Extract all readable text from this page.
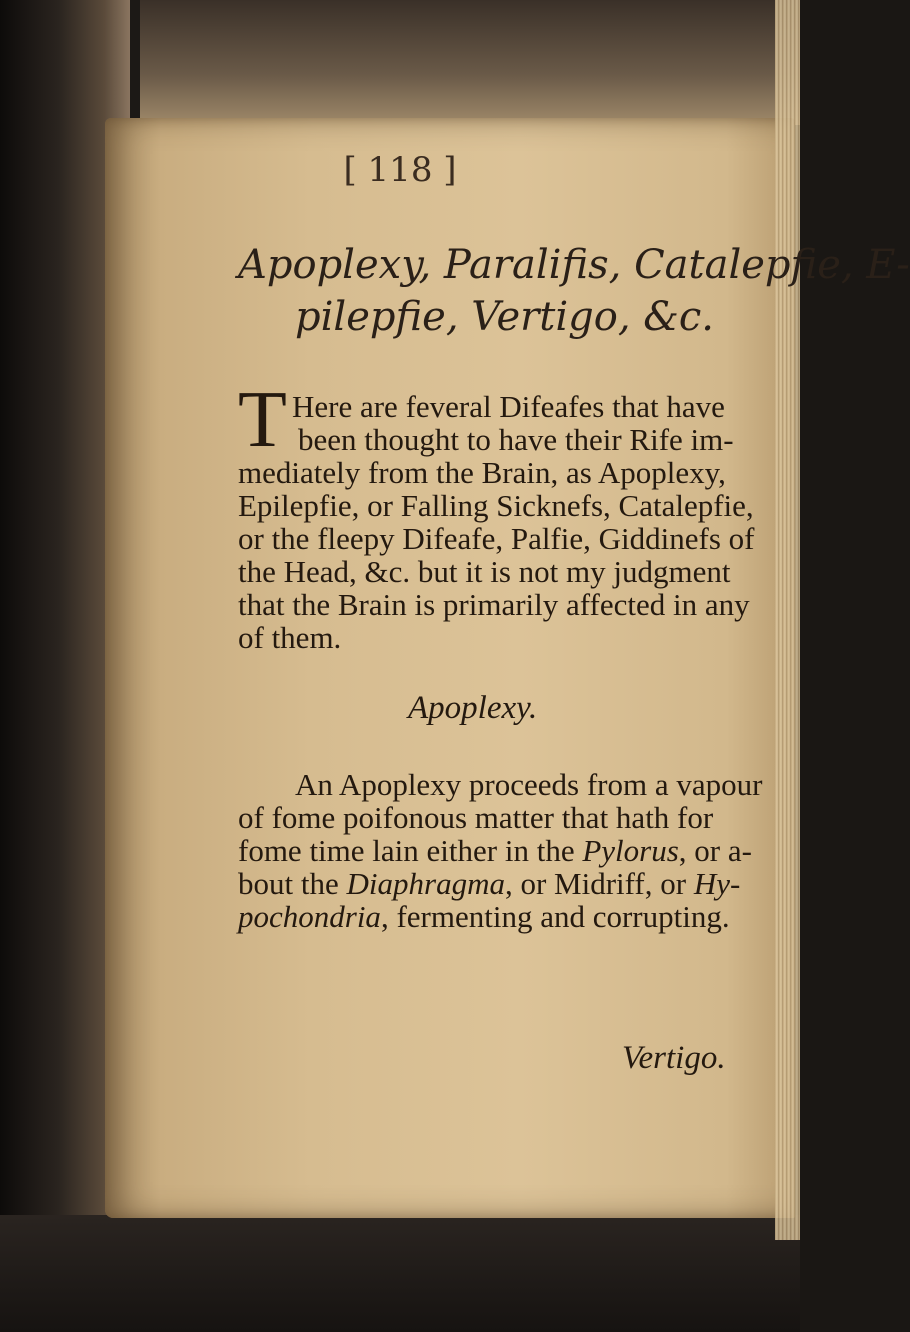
[ 118 ]

Apoplexy, Paralifis, Catalepfie, E-

pilepfie, Vertigo, &c.

T Here are feveral Difeafes that have

been thought to have their Rife im-

mediately from the Brain, as Apoplexy,

Epilepfie, or Falling Sicknefs, Catalepfie,

or the fleepy Difeafe, Palfie, Giddinefs of

the Head, &c. but it is not my judgment

that the Brain is primarily affected in any

of them.

Apoplexy.

An Apoplexy proceeds from a vapour

of fome poifonous matter that hath for

fome time lain either in the Pylorus, or a-

bout the Diaphragma, or Midriff, or Hy-

pochondria, fermenting and corrupting.

Vertigo.
